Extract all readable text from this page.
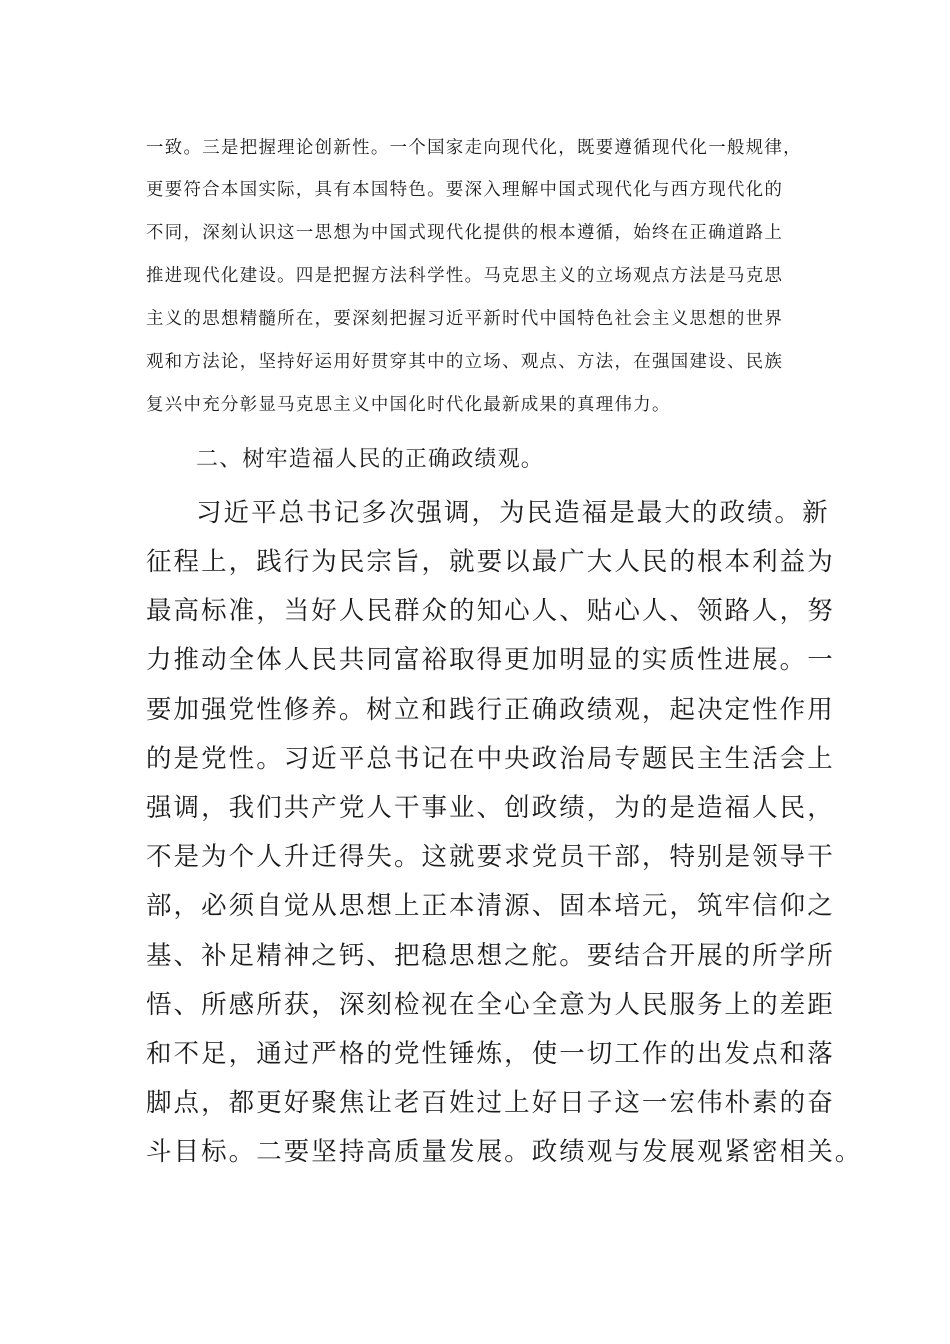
一致。三是把握理论创新性。一个国家走向现代化，既要遵循现代化一般规律，
更要符合本国实际，具有本国特色。要深入理解中国式现代化与西方现代化的
不同，深刻认识这一思想为中国式现代化提供的根本遵循，始终在正确道路上
推进现代化建设。四是把握方法科学性。马克思主义的立场观点方法是马克思
主义的思想精髓所在，要深刻把握习近平新时代中国特色社会主义思想的世界
观和方法论，坚持好运用好贯穿其中的立场、观点、方法，在强国建设、民族
复兴中充分彰显马克思主义中国化时代化最新成果的真理伟力。
二、树牢造福人民的正确政绩观。
习近平总书记多次强调，为民造福是最大的政绩。新
征程上，践行为民宗旨，就要以最广大人民的根本利益为
最高标准，当好人民群众的知心人、贴心人、领路人，努
力推动全体人民共同富裕取得更加明显的实质性进展。一
要加强党性修养。树立和践行正确政绩观，起决定性作用
的是党性。习近平总书记在中央政治局专题民主生活会上
强调，我们共产党人干事业、创政绩，为的是造福人民，
不是为个人升迁得失。这就要求党员干部，特别是领导干
部，必须自觉从思想上正本清源、固本培元，筑牢信仰之
基、补足精神之钙、把稳思想之舵。要结合开展的所学所
悟、所感所获，深刻检视在全心全意为人民服务上的差距
和不足，通过严格的党性锤炼，使一切工作的出发点和落
脚点，都更好聚焦让老百姓过上好日子这一宏伟朴素的奋
斗目标。二要坚持高质量发展。政绩观与发展观紧密相关。
